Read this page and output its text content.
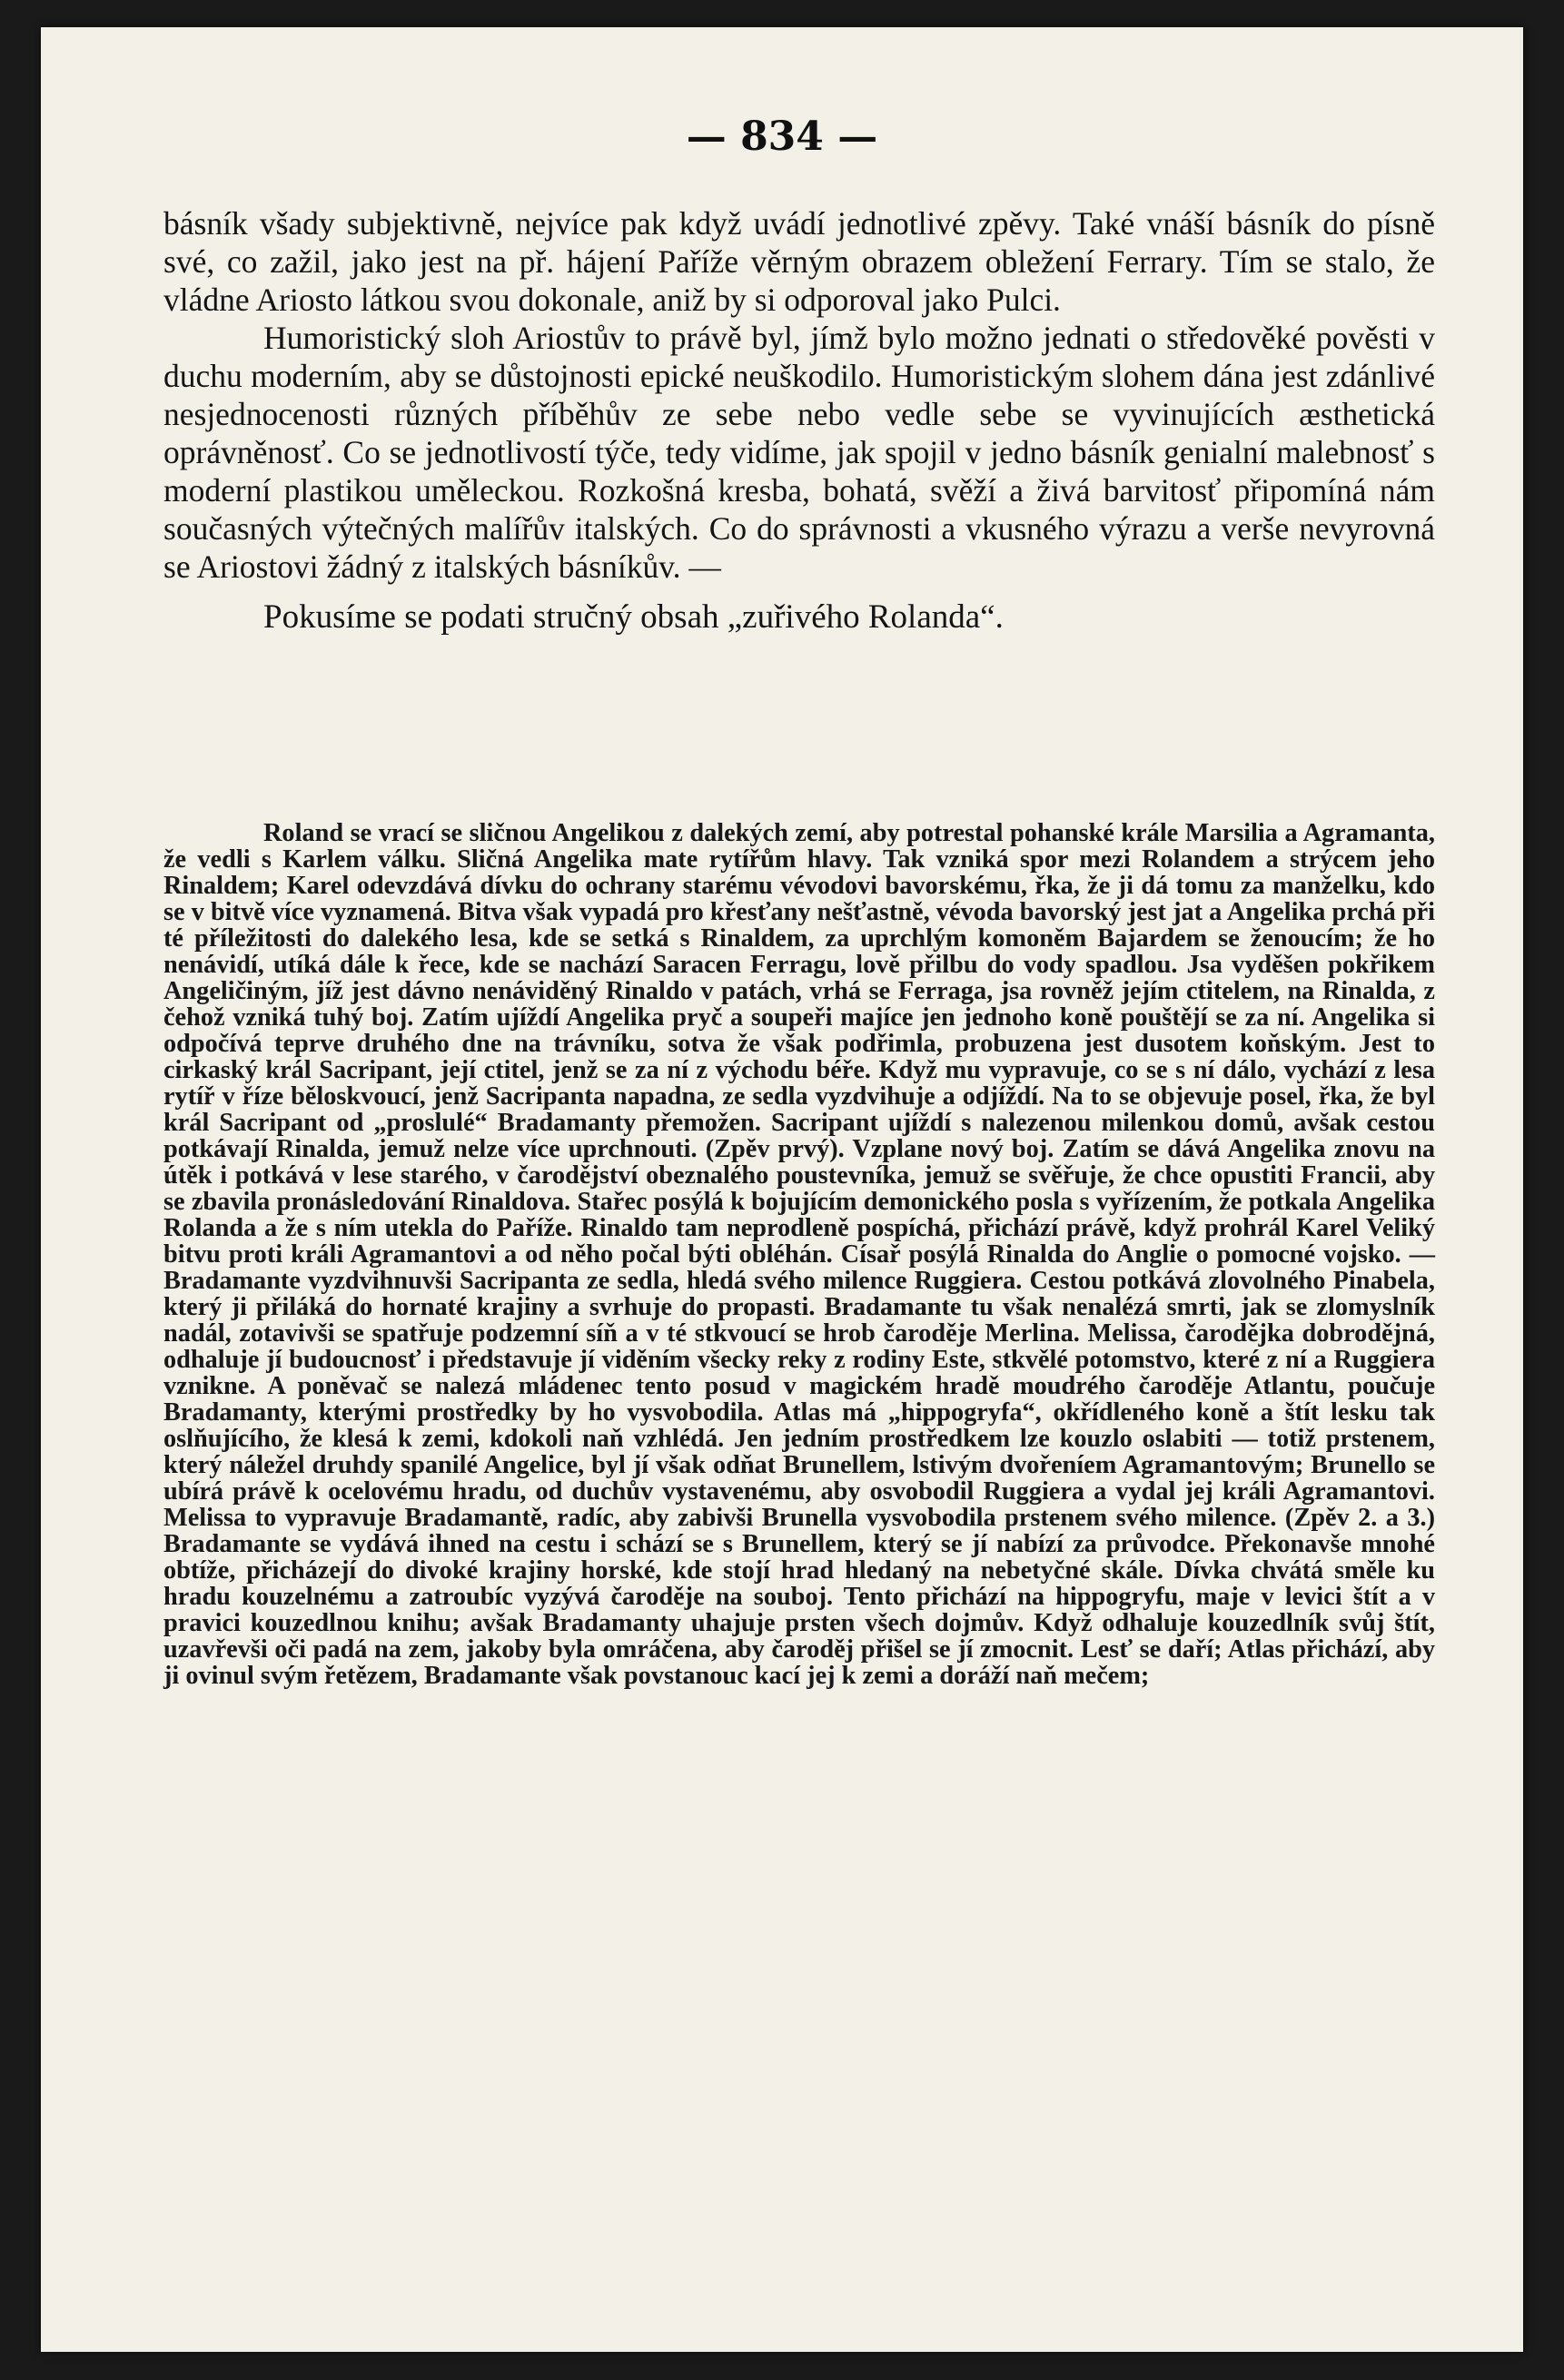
— 834 —

básník všady subjektivně, nejvíce pak když uvádí jednotlivé zpěvy. Také vnáší básník do písně své, co zažil, jako jest na př. hájení Paříže věrným obrazem obležení Ferrary. Tím se stalo, že vládne Ariosto látkou svou dokonale, aniž by si odporoval jako Pulci.

Humoristický sloh Ariostův to právě byl, jímž bylo možno jednati o středověké pověsti v duchu moderním, aby se důstojnosti epické neuškodilo. Humoristickým slohem dána jest zdánlivé nesjednocenosti různých příběhův ze sebe nebo vedle sebe se vyvinujících æsthetická oprávněnosť. Co se jednotlivostí týče, tedy vidíme, jak spojil v jedno básník genialní malebnosť s moderní plastikou uměleckou. Rozkošná kresba, bohatá, svěží a živá barvitosť připomíná nám současných výtečných malířův italských. Co do správnosti a vkusného výrazu a verše nevyrovná se Ariostovi žádný z italských básníkův. —

Pokusíme se podati stručný obsah „zuřivého Rolanda“.

Roland se vrací se sličnou Angelikou z dalekých zemí, aby potrestal pohanské krále Marsilia a Agramanta, že vedli s Karlem válku. Sličná Angelika mate rytířům hlavy. Tak vzniká spor mezi Rolandem a strýcem jeho Rinaldem; Karel odevzdává dívku do ochrany starému vévodovi bavorskému, řka, že ji dá tomu za manželku, kdo se v bitvě více vyznamená. Bitva však vypadá pro křesťany nešťastně, vévoda bavorský jest jat a Angelika prchá při té příležitosti do dalekého lesa, kde se setká s Rinaldem, za uprchlým komoněm Bajardem se ženoucím; že ho nenávidí, utíká dále k řece, kde se nachází Saracen Ferragu, lově přilbu do vody spadlou. Jsa vyděšen pokřikem Angeličiným, jíž jest dávno nenáviděný Rinaldo v patách, vrhá se Ferraga, jsa rovněž jejím ctitelem, na Rinalda, z čehož vzniká tuhý boj. Zatím ujíždí Angelika pryč a soupeři majíce jen jednoho koně pouštějí se za ní. Angelika si odpočívá teprve druhého dne na trávníku, sotva že však podřimla, probuzena jest dusotem koňským. Jest to cirkaský král Sacripant, její ctitel, jenž se za ní z východu béře. Když mu vypravuje, co se s ní dálo, vychází z lesa rytíř v říze běloskvoucí, jenž Sacripanta napadna, ze sedla vyzdvihuje a odjíždí. Na to se objevuje posel, řka, že byl král Sacripant od „proslulé“ Bradamanty přemožen. Sacripant ujíždí s nalezenou milenkou domů, avšak cestou potkávají Rinalda, jemuž nelze více uprchnouti. (Zpěv prvý). Vzplane nový boj. Zatím se dává Angelika znovu na útěk i potkává v lese starého, v čarodějství obeznalého poustevníka, jemuž se svěřuje, že chce opustiti Francii, aby se zbavila pronásledování Rinaldova. Stařec posýlá k bojujícím demonického posla s vyřízením, že potkala Angelika Rolanda a že s ním utekla do Paříže. Rinaldo tam neprodleně pospíchá, přichází právě, když prohrál Karel Veliký bitvu proti králi Agramantovi a od něho počal býti obléhán. Císař posýlá Rinalda do Anglie o pomocné vojsko. — Bradamante vyzdvihnuvši Sacripanta ze sedla, hledá svého milence Ruggiera. Cestou potkává zlovolného Pinabela, který ji přiláká do hornaté krajiny a svrhuje do propasti. Bradamante tu však nenalézá smrti, jak se zlomyslník nadál, zotavivši se spatřuje podzemní síň a v té stkvoucí se hrob čaroděje Merlina. Melissa, čarodějka dobrodějná, odhaluje jí budoucnosť i představuje jí viděním všecky reky z rodiny Este, stkvělé potomstvo, které z ní a Ruggiera vznikne. A poněvač se nalezá mládenec tento posud v magickém hradě moudrého čaroděje Atlantu, poučuje Bradamanty, kterými prostředky by ho vysvobodila. Atlas má „hippogryfa“, okřídleného koně a štít lesku tak oslňujícího, že klesá k zemi, kdokoli naň vzhlédá. Jen jedním prostředkem lze kouzlo oslabiti — totiž prstenem, který náležel druhdy spanilé Angelice, byl jí však odňat Brunellem, lstivým dvořeníem Agramantovým; Brunello se ubírá právě k ocelovému hradu, od duchův vystavenému, aby osvobodil Ruggiera a vydal jej králi Agramantovi. Melissa to vypravuje Bradamantě, radíc, aby zabivši Brunella vysvobodila prstenem svého milence. (Zpěv 2. a 3.) Bradamante se vydává ihned na cestu i schází se s Brunellem, který se jí nabízí za průvodce. Překonavše mnohé obtíže, přicházejí do divoké krajiny horské, kde stojí hrad hledaný na nebetyčné skále. Dívka chvátá směle ku hradu kouzelnému a zatroubíc vyzývá čaroděje na souboj. Tento přichází na hippogryfu, maje v levici štít a v pravici kouzedlnou knihu; avšak Bradamanty uhajuje prsten všech dojmův. Když odhaluje kouzedlník svůj štít, uzavřevši oči padá na zem, jakoby byla omráčena, aby čaroděj přišel se jí zmocnit. Lesť se daří; Atlas přichází, aby ji ovinul svým řetězem, Bradamante však povstanouc kací jej k zemi a doráží naň mečem;
